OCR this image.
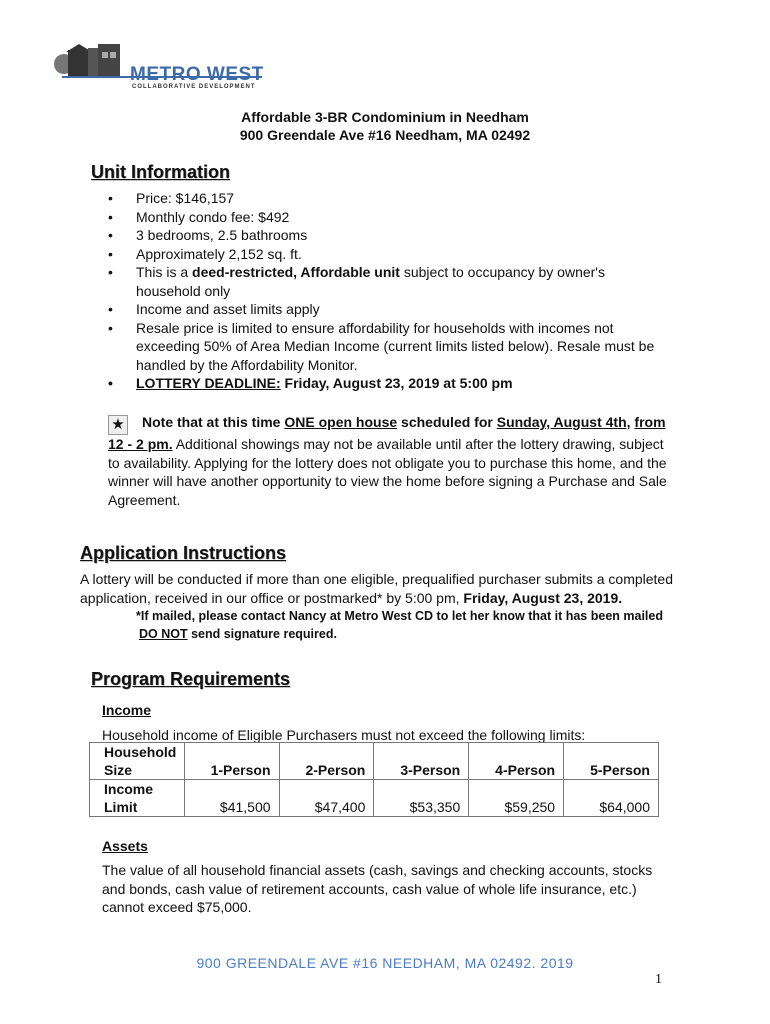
METRO WEST
COLLABORATIVE DEVELOPMENT
Affordable 3-BR Condominium in Needham
900 Greendale Ave #16 Needham, MA 02492
Unit Information
• Price: $146,157
• Monthly condo fee: $492
• 3 bedrooms, 2.5 bathrooms
• Approximately 2,152 sq. ft.
• This is a deed-restricted, Affordable unit subject to occupancy by owner's household only
• Income and asset limits apply
• Resale price is limited to ensure affordability for households with incomes not exceeding 50% of Area Median Income (current limits listed below). Resale must be handled by the Affordability Monitor.
• LOTTERY DEADLINE: Friday, August 23, 2019 at 5:00 pm
★ Note that at this time ONE open house scheduled for Sunday, August 4th, from 12 - 2 pm. Additional showings may not be available until after the lottery drawing, subject to availability. Applying for the lottery does not obligate you to purchase this home, and the winner will have another opportunity to view the home before signing a Purchase and Sale Agreement.
Application Instructions
A lottery will be conducted if more than one eligible, prequalified purchaser submits a completed application, received in our office or postmarked* by 5:00 pm, Friday, August 23, 2019.
*If mailed, please contact Nancy at Metro West CD to let her know that it has been mailed
DO NOT send signature required.
Program Requirements
Income
Household income of Eligible Purchasers must not exceed the following limits:
Household
Size	1-Person	2-Person	3-Person	4-Person	5-Person
Income
Limit	$41,500	$47,400	$53,350	$59,250	$64,000
Assets
The value of all household financial assets (cash, savings and checking accounts, stocks and bonds, cash value of retirement accounts, cash value of whole life insurance, etc.) cannot exceed $75,000.
900 GREENDALE AVE #16 NEEDHAM, MA 02492. 2019
1
